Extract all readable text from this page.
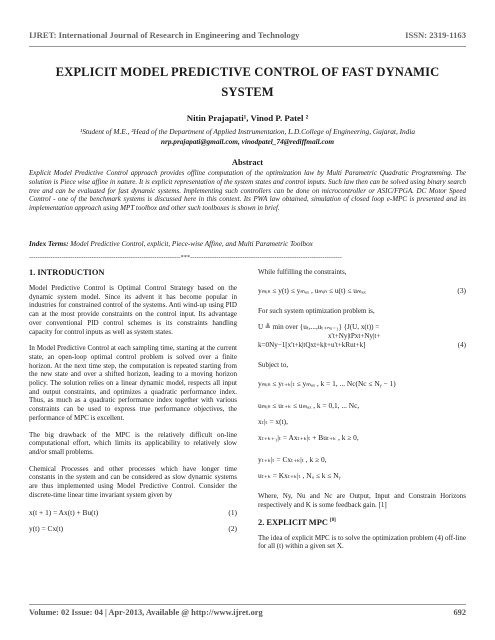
IJRET: International Journal of Research in Engineering and Technology	ISSN: 2319-1163
EXPLICIT MODEL PREDICTIVE CONTROL OF FAST DYNAMIC
SYSTEM
Nitin Prajapati¹, Vinod P. Patel ²
¹Student of M.E., ²Head of the Department of Applied Instrumentation, L.D.College of Engineering, Gujarat, India
nrp.prajapati@gmail.com, vinodpatel_74@rediffmail.com
Abstract
Explicit Model Predictive Control approach provides offline computation of the optimization law by Multi Parametric Quadratic Programming. The solution is Piece wise affine in nature. It is explicit representation of the system states and control inputs. Such law then can be solved using binary search tree and can be evaluated for fast dynamic systems. Implementing such controllers can be done on microcontroller or ASIC/FPGA. DC Motor Speed Control - one of the benchmark systems is discussed here in this context. Its PWA law obtained, simulation of closed loop e-MPC is presented and its implementation approach using MPT toolbox and other such toolboxes is shown in brief.
Index Terms: Model Predictive Control, explicit, Piece-wise Affine, and Multi Parametric Toolbox
----------------------------------------------------------------------***----------------------------------------------------------------------
1. INTRODUCTION
Model Predictive Control is Optimal Control Strategy based on the dynamic system model. Since its advent it has become popular in industries for constrained control of the systems. Anti wind-up using PID can at the most provide constraints on the control input. Its advantage over conventional PID control schemes is its constraints handling capacity for control inputs as well as system states.
In Model Predictive Control at each sampling time, starting at the current state, an open-loop optimal control problem is solved over a finite horizon. At the next time step, the computation is repeated starting from the new state and over a shifted horizon, leading to a moving horizon policy. The solution relies on a linear dynamic model, respects all input and output constraints, and optimizes a quadratic performance index. Thus, as much as a quadratic performance index together with various constraints can be used to express true performance objectives, the performance of MPC is excellent.
The big drawback of the MPC is the relatively difficult on-line computational effort, which limits its applicability to relatively slow and/or small problems.
Chemical Processes and other processes which have longer time constants in the system and can be considered as slow dynamic systems are thus implemented using Model Predictive Control. Consider the discrete-time linear time invariant system given by
x(t + 1) = Ax(t) + Bu(t)	(1)
y(t) = Cx(t)	(2)
While fulfilling the constraints,
yₘᵢₙ ≤ y(t) ≤ yₘₐₓ , uₘᵢₙ ≤ u(t) ≤ uₘₐₓ	(3)
For such system optimization problem is,
U ≜ min over {uₜ,...,uₜ₊ₙᵤ₋₁} {J(U, x(t)) =
x't+Ny|tPxt+Ny|t+
k=0Ny−1[x't+k|tQxt+k|t+u't+kRut+k]	(4)
Subject to,
yₘᵢₙ ≤ yₜ₊ₖ|ₜ ≤ yₘₐₓ , k = 1, ... Nc(Nc ≤ Nᵧ − 1)
uₘᵢₙ ≤ uₜ₊ₖ ≤ uₘₐₓ , k = 0,1, ... Nc,
xₜ|ₜ = x(t),
xₜ₊ₖ₊₁|ₜ = Axₜ₊ₖ|ₜ + Buₜ₊ₖ , k ≥ 0,
yₜ₊ₖ|ₜ = Cxₜ₊ₖ|ₜ , k ≥ 0,
uₜ₊ₖ = Kxₜ₊ₖ|ₜ , Nᵤ ≤ k ≤ Nᵧ
Where, Ny, Nu and Nc are Output, Input and Constrain Horizons respectively and K is some feedback gain. [1]
2. EXPLICIT MPC [8]
The idea of explicit MPC is to solve the optimization problem (4) off-line for all (t) within a given set X.
Volume: 02 Issue: 04 | Apr-2013, Available @ http://www.ijret.org	692
